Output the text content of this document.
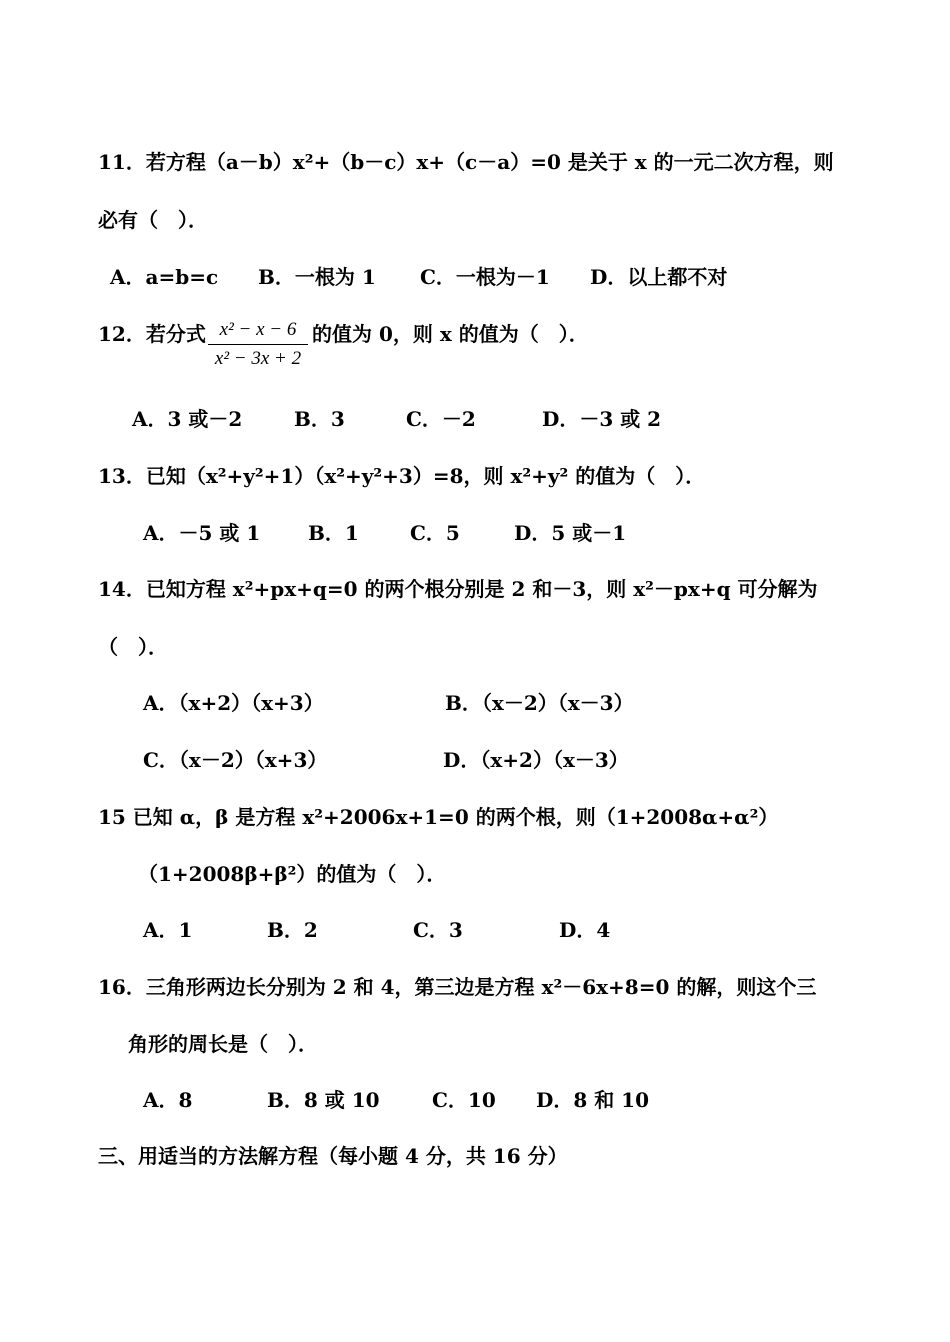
11．若方程（a－b）x²+（b－c）x+（c－a）=0 是关于 x 的一元二次方程，则
必有（　）．
A．a=b=c B．一根为 1 C．一根为－1 D．以上都不对
12．若分式 x² − x − 6
x² − 3x + 2
的值为 0，则 x 的值为（　）．
A．3 或－2	B．3	C．－2	D．－3 或 2
13．已知（x²+y²+1）（x²+y²+3）=8，则 x²+y² 的值为（　）．
A．－5 或 1 B．1	C．5	D．5 或－1
14．已知方程 x²+px+q=0 的两个根分别是 2 和－3，则 x²－px+q 可分解为
（　）．
A．（x+2）（x+3）	B．（x－2）（x－3）
C．（x－2）（x+3）	D．（x+2）（x－3）
15 已知 α，β 是方程 x²+2006x+1=0 的两个根，则（1+2008α+α²）
（1+2008β+β²）的值为（　）．
A．1	B．2	C．3	D．4
16．三角形两边长分别为 2 和 4，第三边是方程 x²－6x+8=0 的解，则这个三
角形的周长是（　）．
A．8	B．8 或 10	C．10 D．8 和 10
三、用适当的方法解方程（每小题 4 分，共 16 分）
